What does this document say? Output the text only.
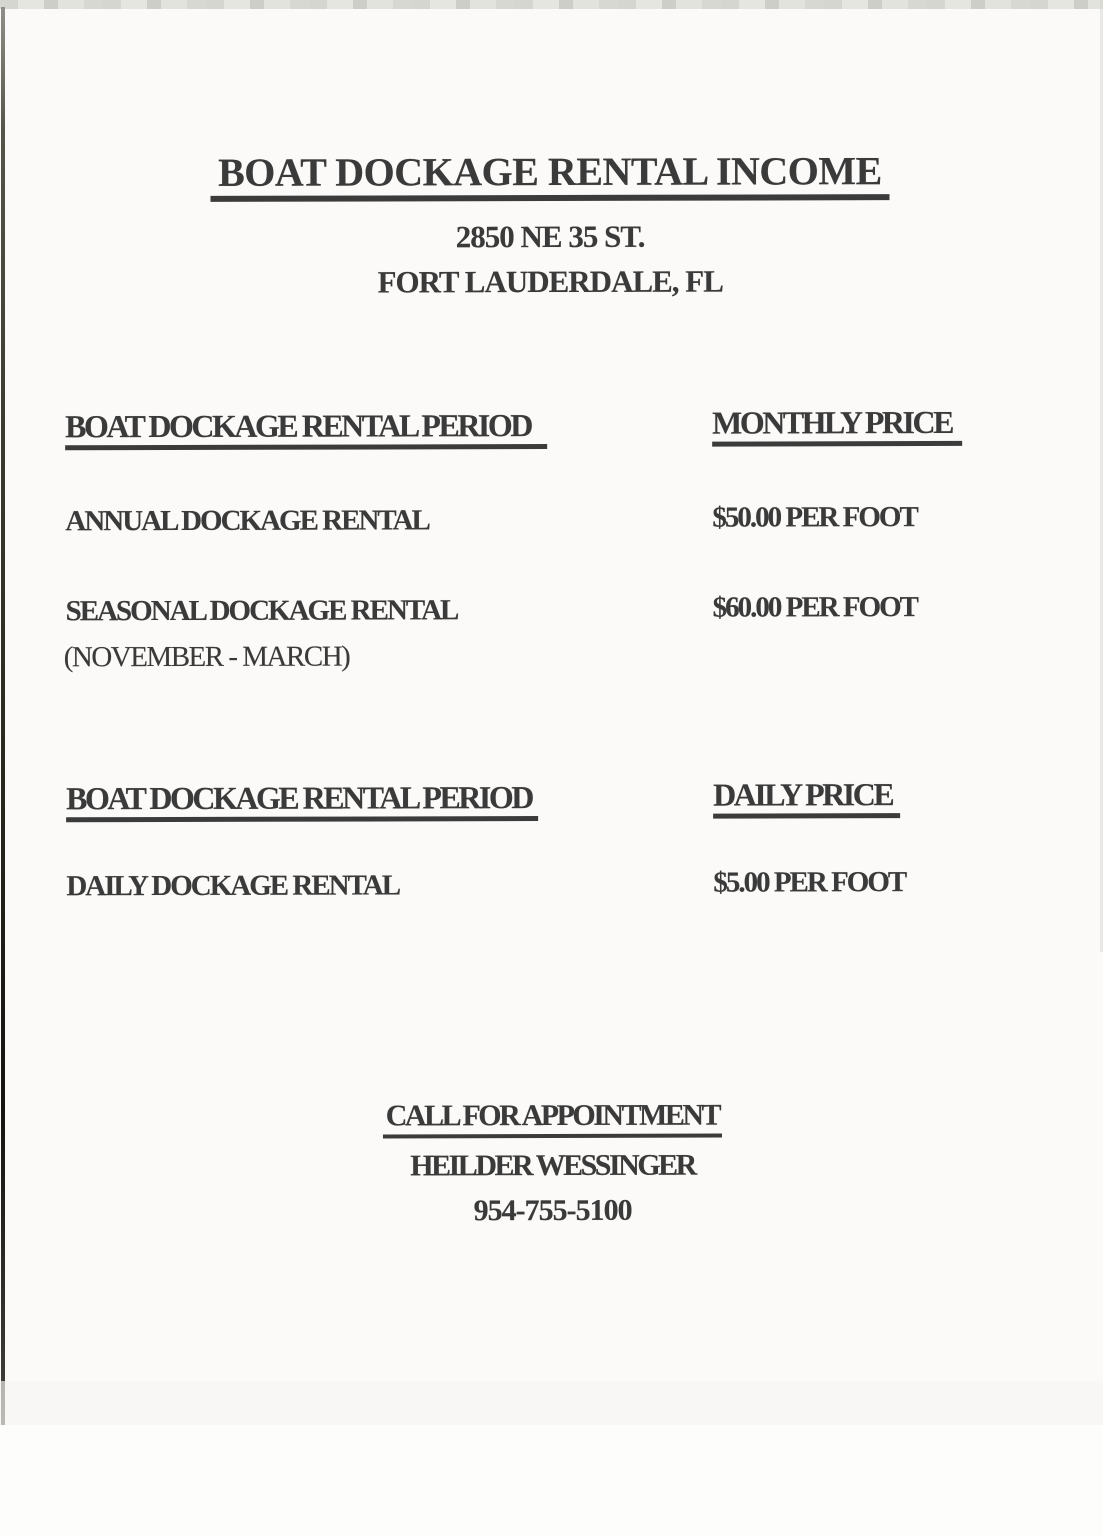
BOAT DOCKAGE RENTAL INCOME
2850 NE 35 ST.
FORT LAUDERDALE, FL
BOAT DOCKAGE RENTAL PERIOD	MONTHLY PRICE
ANNUAL DOCKAGE RENTAL	$50.00 PER FOOT
SEASONAL DOCKAGE RENTAL	$60.00 PER FOOT
(NOVEMBER - MARCH)
BOAT DOCKAGE RENTAL PERIOD	DAILY PRICE
DAILY DOCKAGE RENTAL	$5.00 PER FOOT
CALL FOR APPOINTMENT
HEILDER WESSINGER
954-755-5100
